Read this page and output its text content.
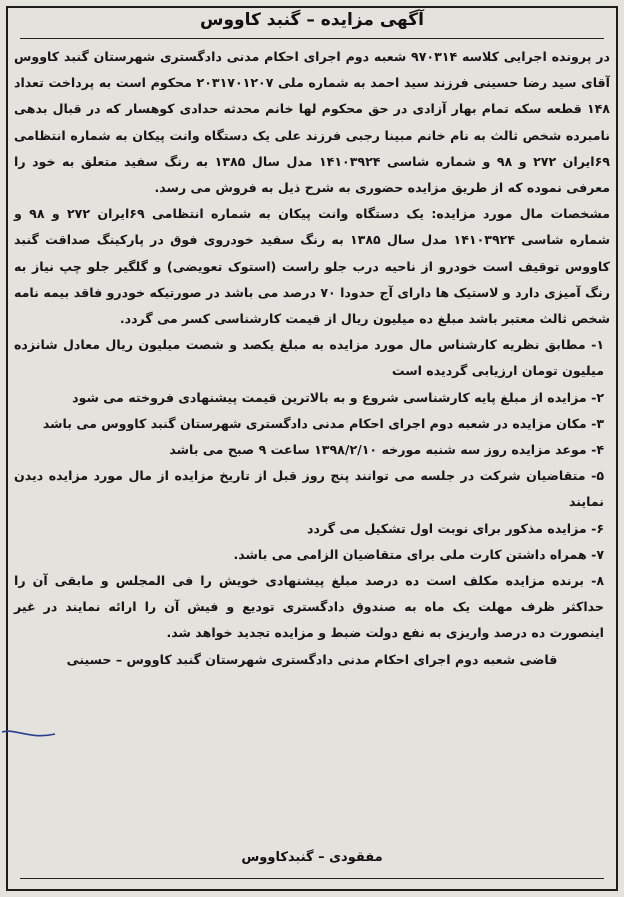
آگهی مزایده – گنبد کاووس

در پرونده اجرایی کلاسه ۹۷۰۳۱۴ شعبه دوم اجرای احکام مدنی دادگستری شهرستان گنبد کاووس آقای سید رضا حسینی فرزند سید احمد به شماره ملی ۲۰۳۱۷۰۱۲۰۷ محکوم است به پرداخت تعداد ۱۴۸ قطعه سکه تمام بهار آزادی در حق محکوم لها خانم محدثه حدادی کوهسار که در قبال بدهی نامبرده شخص ثالث به نام خانم مبینا رجبی فرزند علی یک دستگاه وانت پیکان به شماره انتظامی ۶۹ایران ۲۷۲ و ۹۸ و شماره شاسی ۱۴۱۰۳۹۲۴ مدل سال ۱۳۸۵ به رنگ سفید متعلق به خود را معرفی نموده که از طریق مزایده حضوری به شرح ذیل به فروش می رسد.

مشخصات مال مورد مزایده: یک دستگاه وانت پیکان به شماره انتظامی ۶۹ایران ۲۷۲ و ۹۸ و شماره شاسی ۱۴۱۰۳۹۲۴ مدل سال ۱۳۸۵ به رنگ سفید خودروی فوق در پارکینگ صداقت گنبد کاووس توقیف است خودرو از ناحیه درب جلو راست (استوک تعویضی) و گلگیر جلو چپ نیاز به رنگ آمیزی دارد و لاستیک ها دارای آج حدودا ۷۰ درصد می باشد در صورتیکه خودرو فاقد بیمه نامه شخص ثالث معتبر باشد مبلغ ده میلیون ریال از قیمت کارشناسی کسر می گردد.

۱- مطابق نظریه کارشناس مال مورد مزایده به مبلغ یکصد و شصت میلیون ریال معادل شانزده میلیون تومان ارزیابی گردیده است

۲- مزایده از مبلغ پایه کارشناسی شروع و به بالاترین قیمت پیشنهادی فروخته می شود

۳- مکان مزایده در شعبه دوم اجرای احکام مدنی دادگستری شهرستان گنبد کاووس می باشد

۴- موعد مزایده روز سه شنبه مورخه ۱۳۹۸/۲/۱۰ ساعت ۹ صبح می باشد

۵- متقاضیان شرکت در جلسه می توانند پنج روز قبل از تاریخ مزایده از مال مورد مزایده دیدن نمایند

۶- مزایده مذکور برای نوبت اول تشکیل می گردد

۷- همراه داشتن کارت ملی برای متقاضیان الزامی می باشد.

۸- برنده مزایده مکلف است ده درصد مبلغ پیشنهادی خویش را فی المجلس و مابقی آن را حداکثر ظرف مهلت یک ماه به صندوق دادگستری تودیع و فیش آن را ارائه نمایند در غیر اینصورت ده درصد واریزی به نفع دولت ضبط و مزایده تجدید خواهد شد.

قاضی شعبه دوم اجرای احکام مدنی دادگستری شهرستان گنبد کاووس – حسینی

مفقودی – گنبدکاووس
